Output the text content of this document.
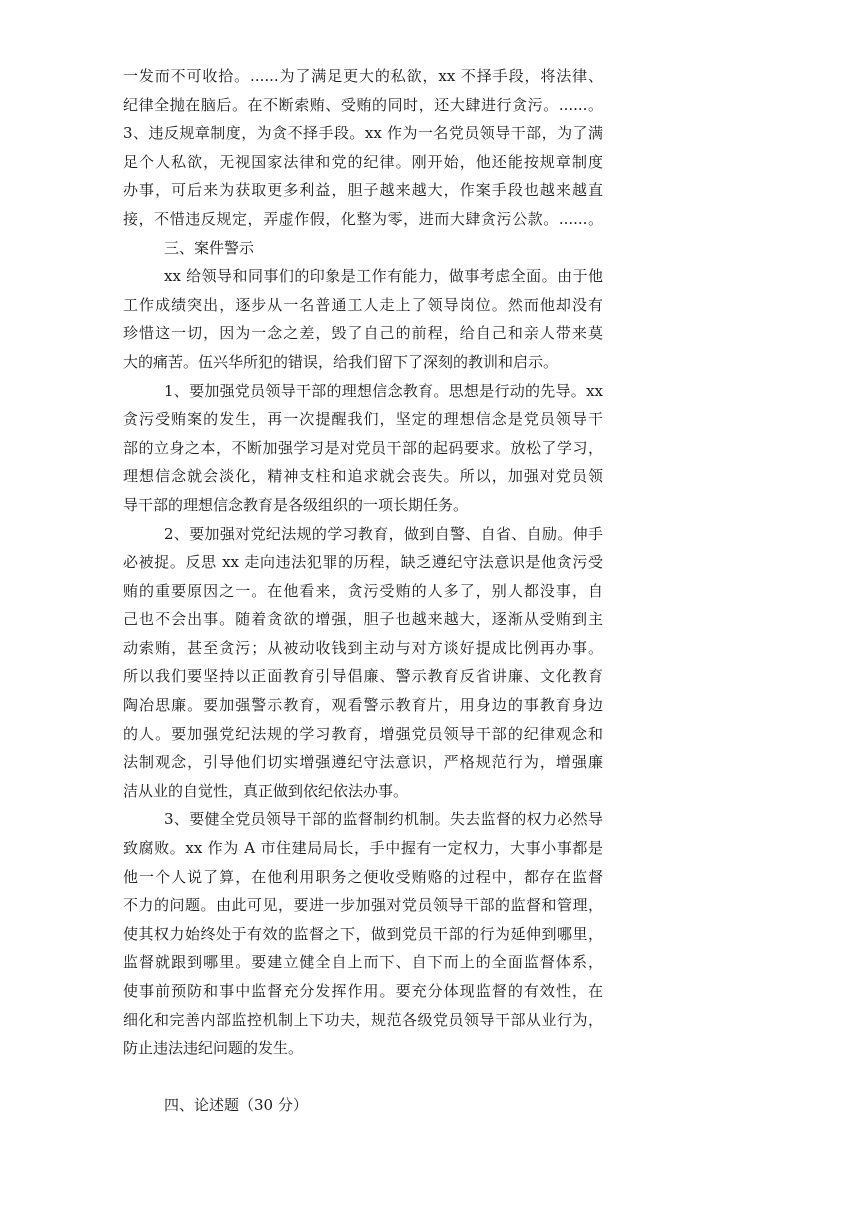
一发而不可收拾。......为了满足更大的私欲，xx 不择手段，将法律、
纪律全抛在脑后。在不断索贿、受贿的同时，还大肆进行贪污。......。
3、违反规章制度，为贪不择手段。xx 作为一名党员领导干部，为了满
足个人私欲，无视国家法律和党的纪律。刚开始，他还能按规章制度
办事，可后来为获取更多利益，胆子越来越大，作案手段也越来越直
接，不惜违反规定，弄虚作假，化整为零，进而大肆贪污公款。......。
三、案件警示
xx 给领导和同事们的印象是工作有能力，做事考虑全面。由于他
工作成绩突出，逐步从一名普通工人走上了领导岗位。然而他却没有
珍惜这一切，因为一念之差，毁了自己的前程，给自己和亲人带来莫
大的痛苦。伍兴华所犯的错误，给我们留下了深刻的教训和启示。
1、要加强党员领导干部的理想信念教育。思想是行动的先导。xx
贪污受贿案的发生，再一次提醒我们，坚定的理想信念是党员领导干
部的立身之本，不断加强学习是对党员干部的起码要求。放松了学习，
理想信念就会淡化，精神支柱和追求就会丧失。所以，加强对党员领
导干部的理想信念教育是各级组织的一项长期任务。
2、要加强对党纪法规的学习教育，做到自警、自省、自励。伸手
必被捉。反思 xx 走向违法犯罪的历程，缺乏遵纪守法意识是他贪污受
贿的重要原因之一。在他看来，贪污受贿的人多了，别人都没事，自
己也不会出事。随着贪欲的增强，胆子也越来越大，逐渐从受贿到主
动索贿，甚至贪污；从被动收钱到主动与对方谈好提成比例再办事。
所以我们要坚持以正面教育引导倡廉、警示教育反省讲廉、文化教育
陶冶思廉。要加强警示教育，观看警示教育片，用身边的事教育身边
的人。要加强党纪法规的学习教育，增强党员领导干部的纪律观念和
法制观念，引导他们切实增强遵纪守法意识，严格规范行为，增强廉
洁从业的自觉性，真正做到依纪依法办事。
3、要健全党员领导干部的监督制约机制。失去监督的权力必然导
致腐败。xx 作为 A 市住建局局长，手中握有一定权力，大事小事都是
他一个人说了算，在他利用职务之便收受贿赂的过程中，都存在监督
不力的问题。由此可见，要进一步加强对党员领导干部的监督和管理，
使其权力始终处于有效的监督之下，做到党员干部的行为延伸到哪里，
监督就跟到哪里。要建立健全自上而下、自下而上的全面监督体系，
使事前预防和事中监督充分发挥作用。要充分体现监督的有效性，在
细化和完善内部监控机制上下功夫，规范各级党员领导干部从业行为，
防止违法违纪问题的发生。
四、论述题（30 分）
